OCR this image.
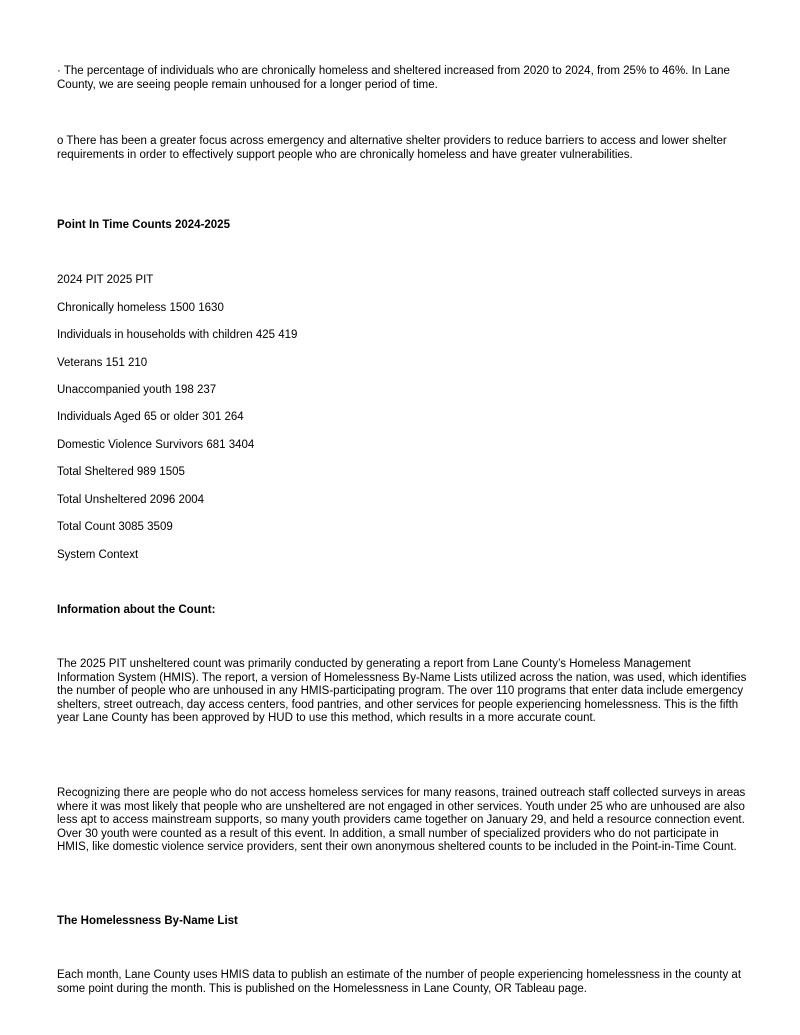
· The percentage of individuals who are chronically homeless and sheltered increased from 2020 to 2024, from 25% to 46%. In Lane County, we are seeing people remain unhoused for a longer period of time.

o There has been a greater focus across emergency and alternative shelter providers to reduce barriers to access and lower shelter requirements in order to effectively support people who are chronically homeless and have greater vulnerabilities.

Point In Time Counts 2024-2025

2024 PIT 2025 PIT

Chronically homeless 1500 1630

Individuals in households with children 425 419

Veterans 151 210

Unaccompanied youth 198 237

Individuals Aged 65 or older 301 264

Domestic Violence Survivors 681 3404

Total Sheltered 989 1505

Total Unsheltered 2096 2004

Total Count 3085 3509

System Context

Information about the Count:

The 2025 PIT unsheltered count was primarily conducted by generating a report from Lane County’s Homeless Management Information System (HMIS). The report, a version of Homelessness By-Name Lists utilized across the nation, was used, which identifies the number of people who are unhoused in any HMIS-participating program. The over 110 programs that enter data include emergency shelters, street outreach, day access centers, food pantries, and other services for people experiencing homelessness. This is the fifth year Lane County has been approved by HUD to use this method, which results in a more accurate count.

Recognizing there are people who do not access homeless services for many reasons, trained outreach staff collected surveys in areas where it was most likely that people who are unsheltered are not engaged in other services. Youth under 25 who are unhoused are also less apt to access mainstream supports, so many youth providers came together on January 29, and held a resource connection event. Over 30 youth were counted as a result of this event. In addition, a small number of specialized providers who do not participate in HMIS, like domestic violence service providers, sent their own anonymous sheltered counts to be included in the Point-in-Time Count.

The Homelessness By-Name List

Each month, Lane County uses HMIS data to publish an estimate of the number of people experiencing homelessness in the county at some point during the month. This is published on the Homelessness in Lane County, OR Tableau page.
